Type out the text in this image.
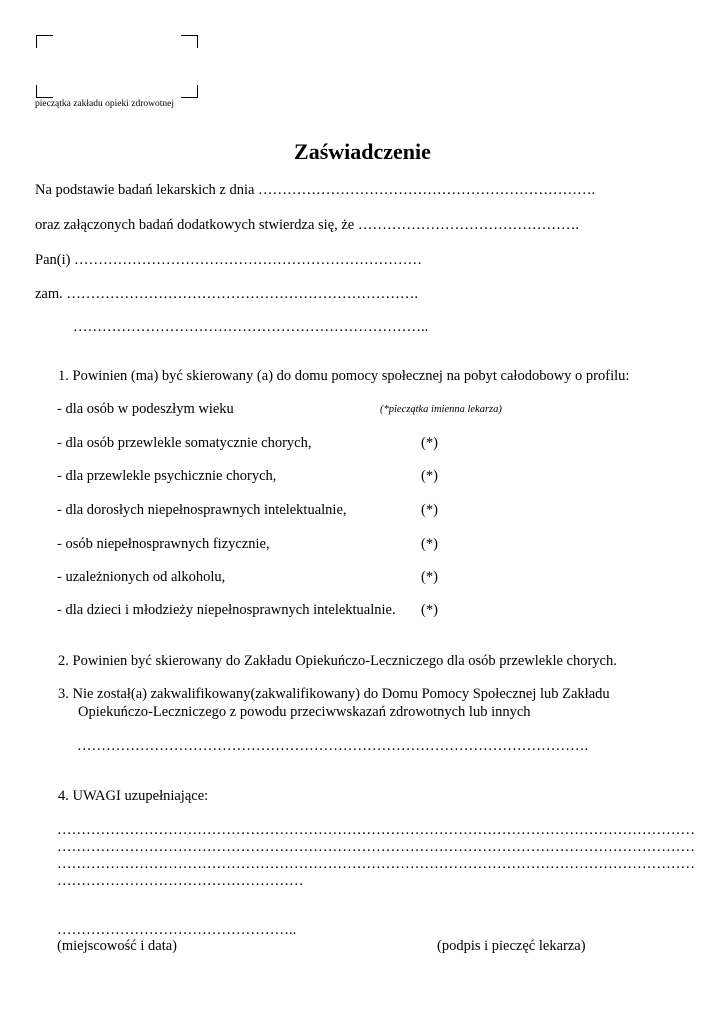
pieczątka zakładu opieki zdrowotnej
Zaświadczenie
Na podstawie badań lekarskich z dnia …………………………………………………………….
oraz załączonych badań dodatkowych stwierdza się, że ……………………………………….
Pan(i) ………………………………………………………………
zam. ……………………………………………………………….
………………………………………………………………..
1. Powinien (ma) być skierowany (a) do domu pomocy społecznej na pobyt całodobowy o profilu:
- dla osób w podeszłym wieku	(*pieczątka imienna lekarza)
- dla osób przewlekle somatycznie chorych,	(*)
- dla przewlekle psychicznie chorych,	(*)
- dla dorosłych niepełnosprawnych intelektualnie,	(*)
- osób niepełnosprawnych fizycznie,	(*)
- uzależnionych od alkoholu,	(*)
- dla dzieci i młodzieży niepełnosprawnych intelektualnie. (*)
2. Powinien być skierowany do Zakładu Opiekuńczo-Leczniczego dla osób przewlekle chorych.
3. Nie został(a) zakwalifikowany(zakwalifikowany) do Domu Pomocy Społecznej lub Zakładu
Opiekuńczo-Leczniczego z powodu przeciwwskazań zdrowotnych lub innych
…………………………………………………………………………………………….
4. UWAGI uzupełniające:
……………………………………………………………………………………………………………………
……………………………………………………………………………………………………………………
……………………………………………………………………………………………………………………
……………………………………………
…………………………………………..
(miejscowość i data)	(podpis i pieczęć lekarza)
